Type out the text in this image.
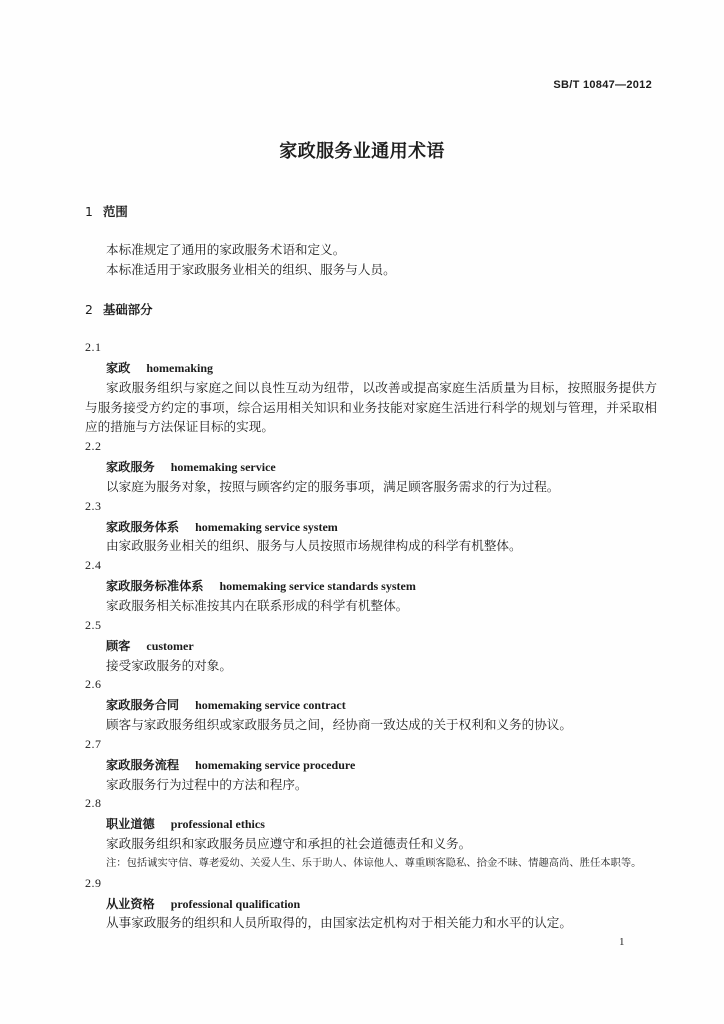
SB/T 10847—2012
家政服务业通用术语
1 范围
本标准规定了通用的家政服务术语和定义。
本标准适用于家政服务业相关的组织、服务与人员。
2 基础部分
2.1
家政 homemaking
家政服务组织与家庭之间以良性互动为纽带，以改善或提高家庭生活质量为目标，按照服务提供方与服务接受方约定的事项，综合运用相关知识和业务技能对家庭生活进行科学的规划与管理，并采取相应的措施与方法保证目标的实现。
2.2
家政服务 homemaking service
以家庭为服务对象，按照与顾客约定的服务事项，满足顾客服务需求的行为过程。
2.3
家政服务体系 homemaking service system
由家政服务业相关的组织、服务与人员按照市场规律构成的科学有机整体。
2.4
家政服务标准体系 homemaking service standards system
家政服务相关标准按其内在联系形成的科学有机整体。
2.5
顾客 customer
接受家政服务的对象。
2.6
家政服务合同 homemaking service contract
顾客与家政服务组织或家政服务员之间，经协商一致达成的关于权利和义务的协议。
2.7
家政服务流程 homemaking service procedure
家政服务行为过程中的方法和程序。
2.8
职业道德 professional ethics
家政服务组织和家政服务员应遵守和承担的社会道德责任和义务。
注：包括诚实守信、尊老爱幼、关爱人生、乐于助人、体谅他人、尊重顾客隐私、拾金不昧、情趣高尚、胜任本职等。
2.9
从业资格 professional qualification
从事家政服务的组织和人员所取得的，由国家法定机构对于相关能力和水平的认定。
1
